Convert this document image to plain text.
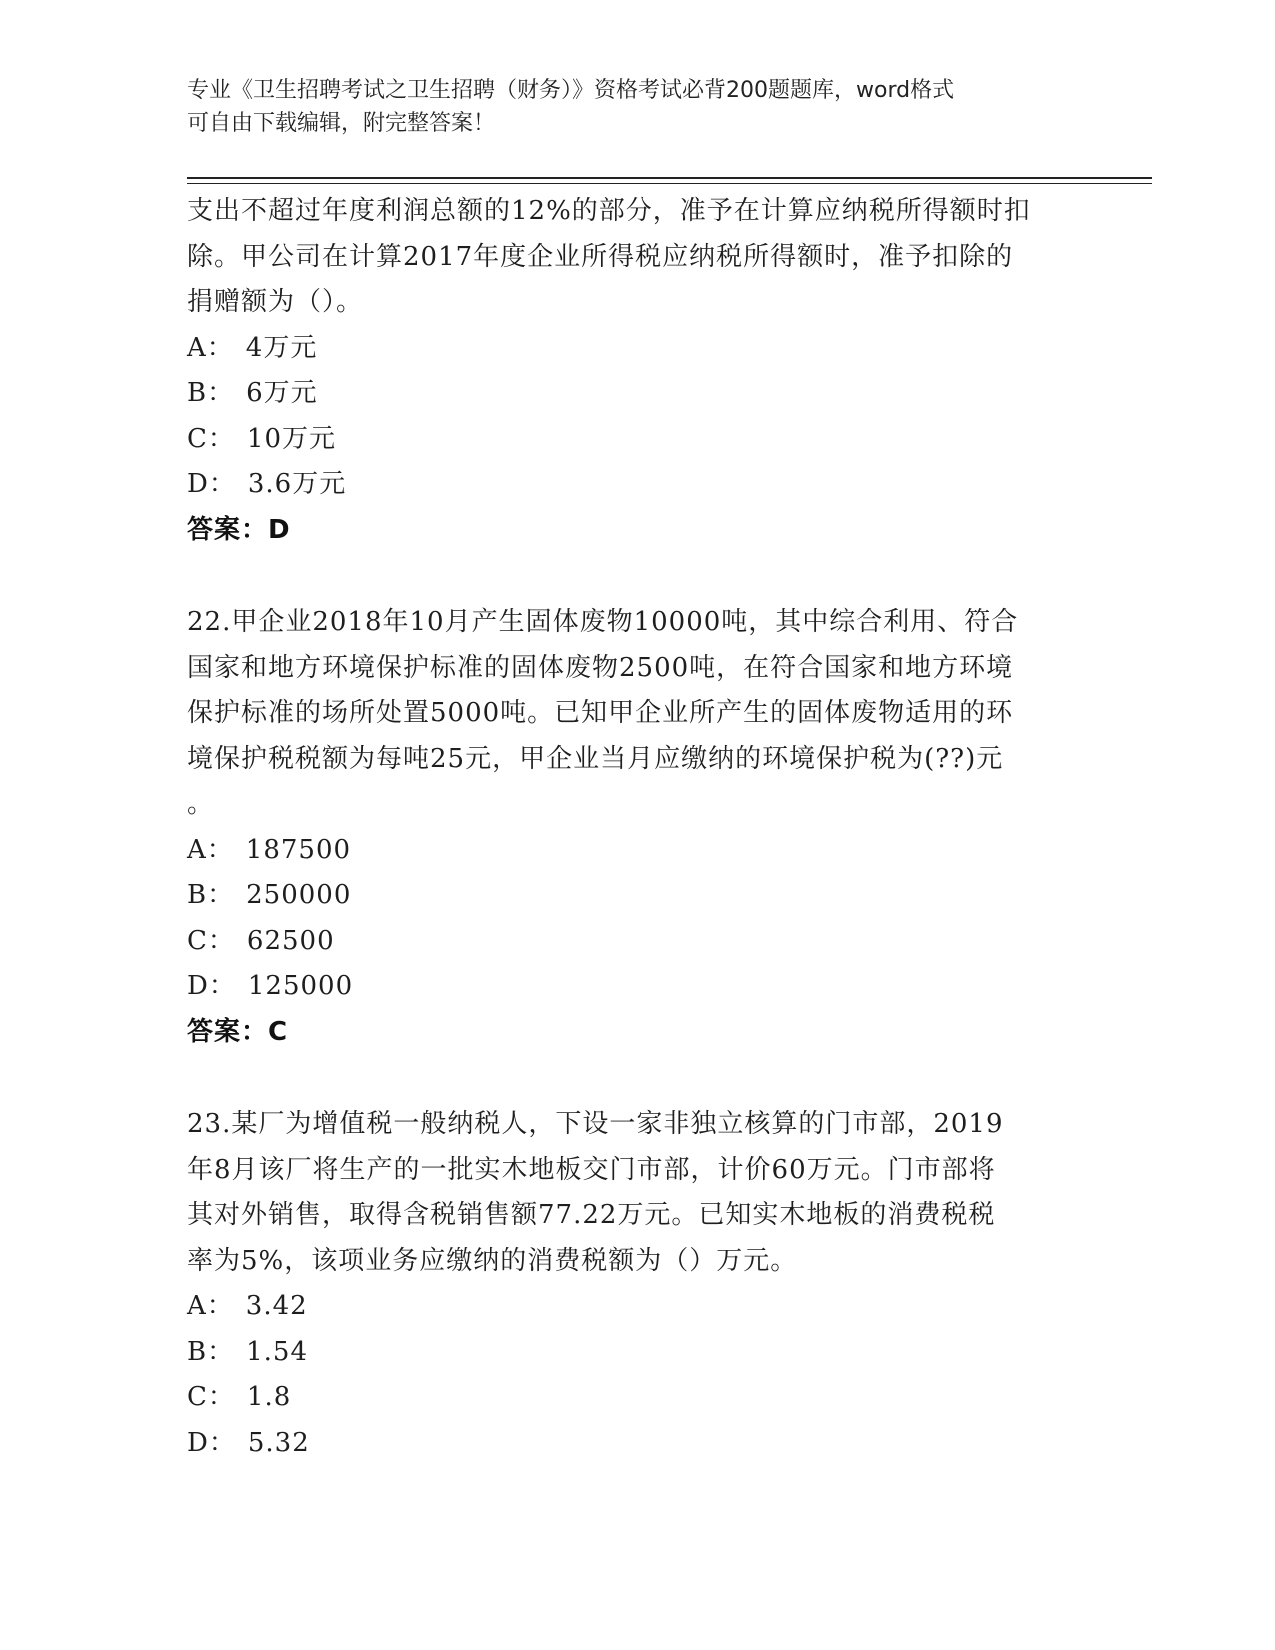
专业《卫生招聘考试之卫生招聘（财务）》资格考试必背200题题库，word格式
可自由下载编辑，附完整答案！
支出不超过年度利润总额的12%的部分，准予在计算应纳税所得额时扣
除。甲公司在计算2017年度企业所得税应纳税所得额时，准予扣除的
捐赠额为（）。
A： 4万元
B： 6万元
C： 10万元
D： 3.6万元
答案：D
22.甲企业2018年10月产生固体废物10000吨，其中综合利用、符合
国家和地方环境保护标准的固体废物2500吨，在符合国家和地方环境
保护标准的场所处置5000吨。已知甲企业所产生的固体废物适用的环
境保护税税额为每吨25元，甲企业当月应缴纳的环境保护税为(??)元
。
A： 187500
B： 250000
C： 62500
D： 125000
答案：C
23.某厂为增值税一般纳税人，下设一家非独立核算的门市部，2019
年8月该厂将生产的一批实木地板交门市部，计价60万元。门市部将
其对外销售，取得含税销售额77.22万元。已知实木地板的消费税税
率为5%，该项业务应缴纳的消费税额为（）万元。
A： 3.42
B： 1.54
C： 1.8
D： 5.32
